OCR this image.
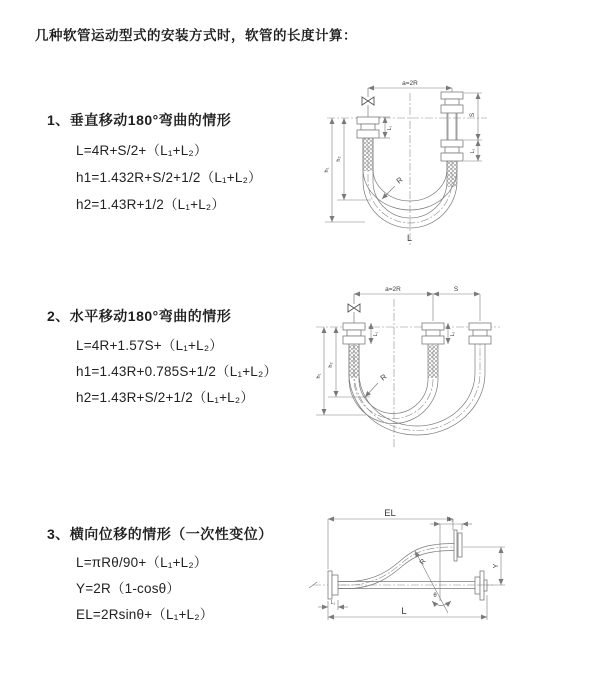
几种软管运动型式的安装方式时，软管的长度计算：
1、垂直移动180°弯曲的情形
L=4R+S/2+（L₁+L₂）
h1=1.432R+S/2+1/2（L₁+L₂）
h2=1.43R+1/2（L₁+L₂）
2、水平移动180°弯曲的情形
L=4R+1.57S+（L₁+L₂）
h1=1.43R+0.785S+1/2（L₁+L₂）
h2=1.43R+S/2+1/2（L₁+L₂）
3、横向位移的情形（一次性变位）
L=πRθ/90+（L₁+L₂）
Y=2R（1-cosθ）
EL=2Rsinθ+（L₁+L₂）
a=2R
S
L₂
h₁
h₂
L₁
R
L
a=2R	S
h₁
h₂
L₁	L₂
R
EL
L₂
Y
L
L₁
R
θ
